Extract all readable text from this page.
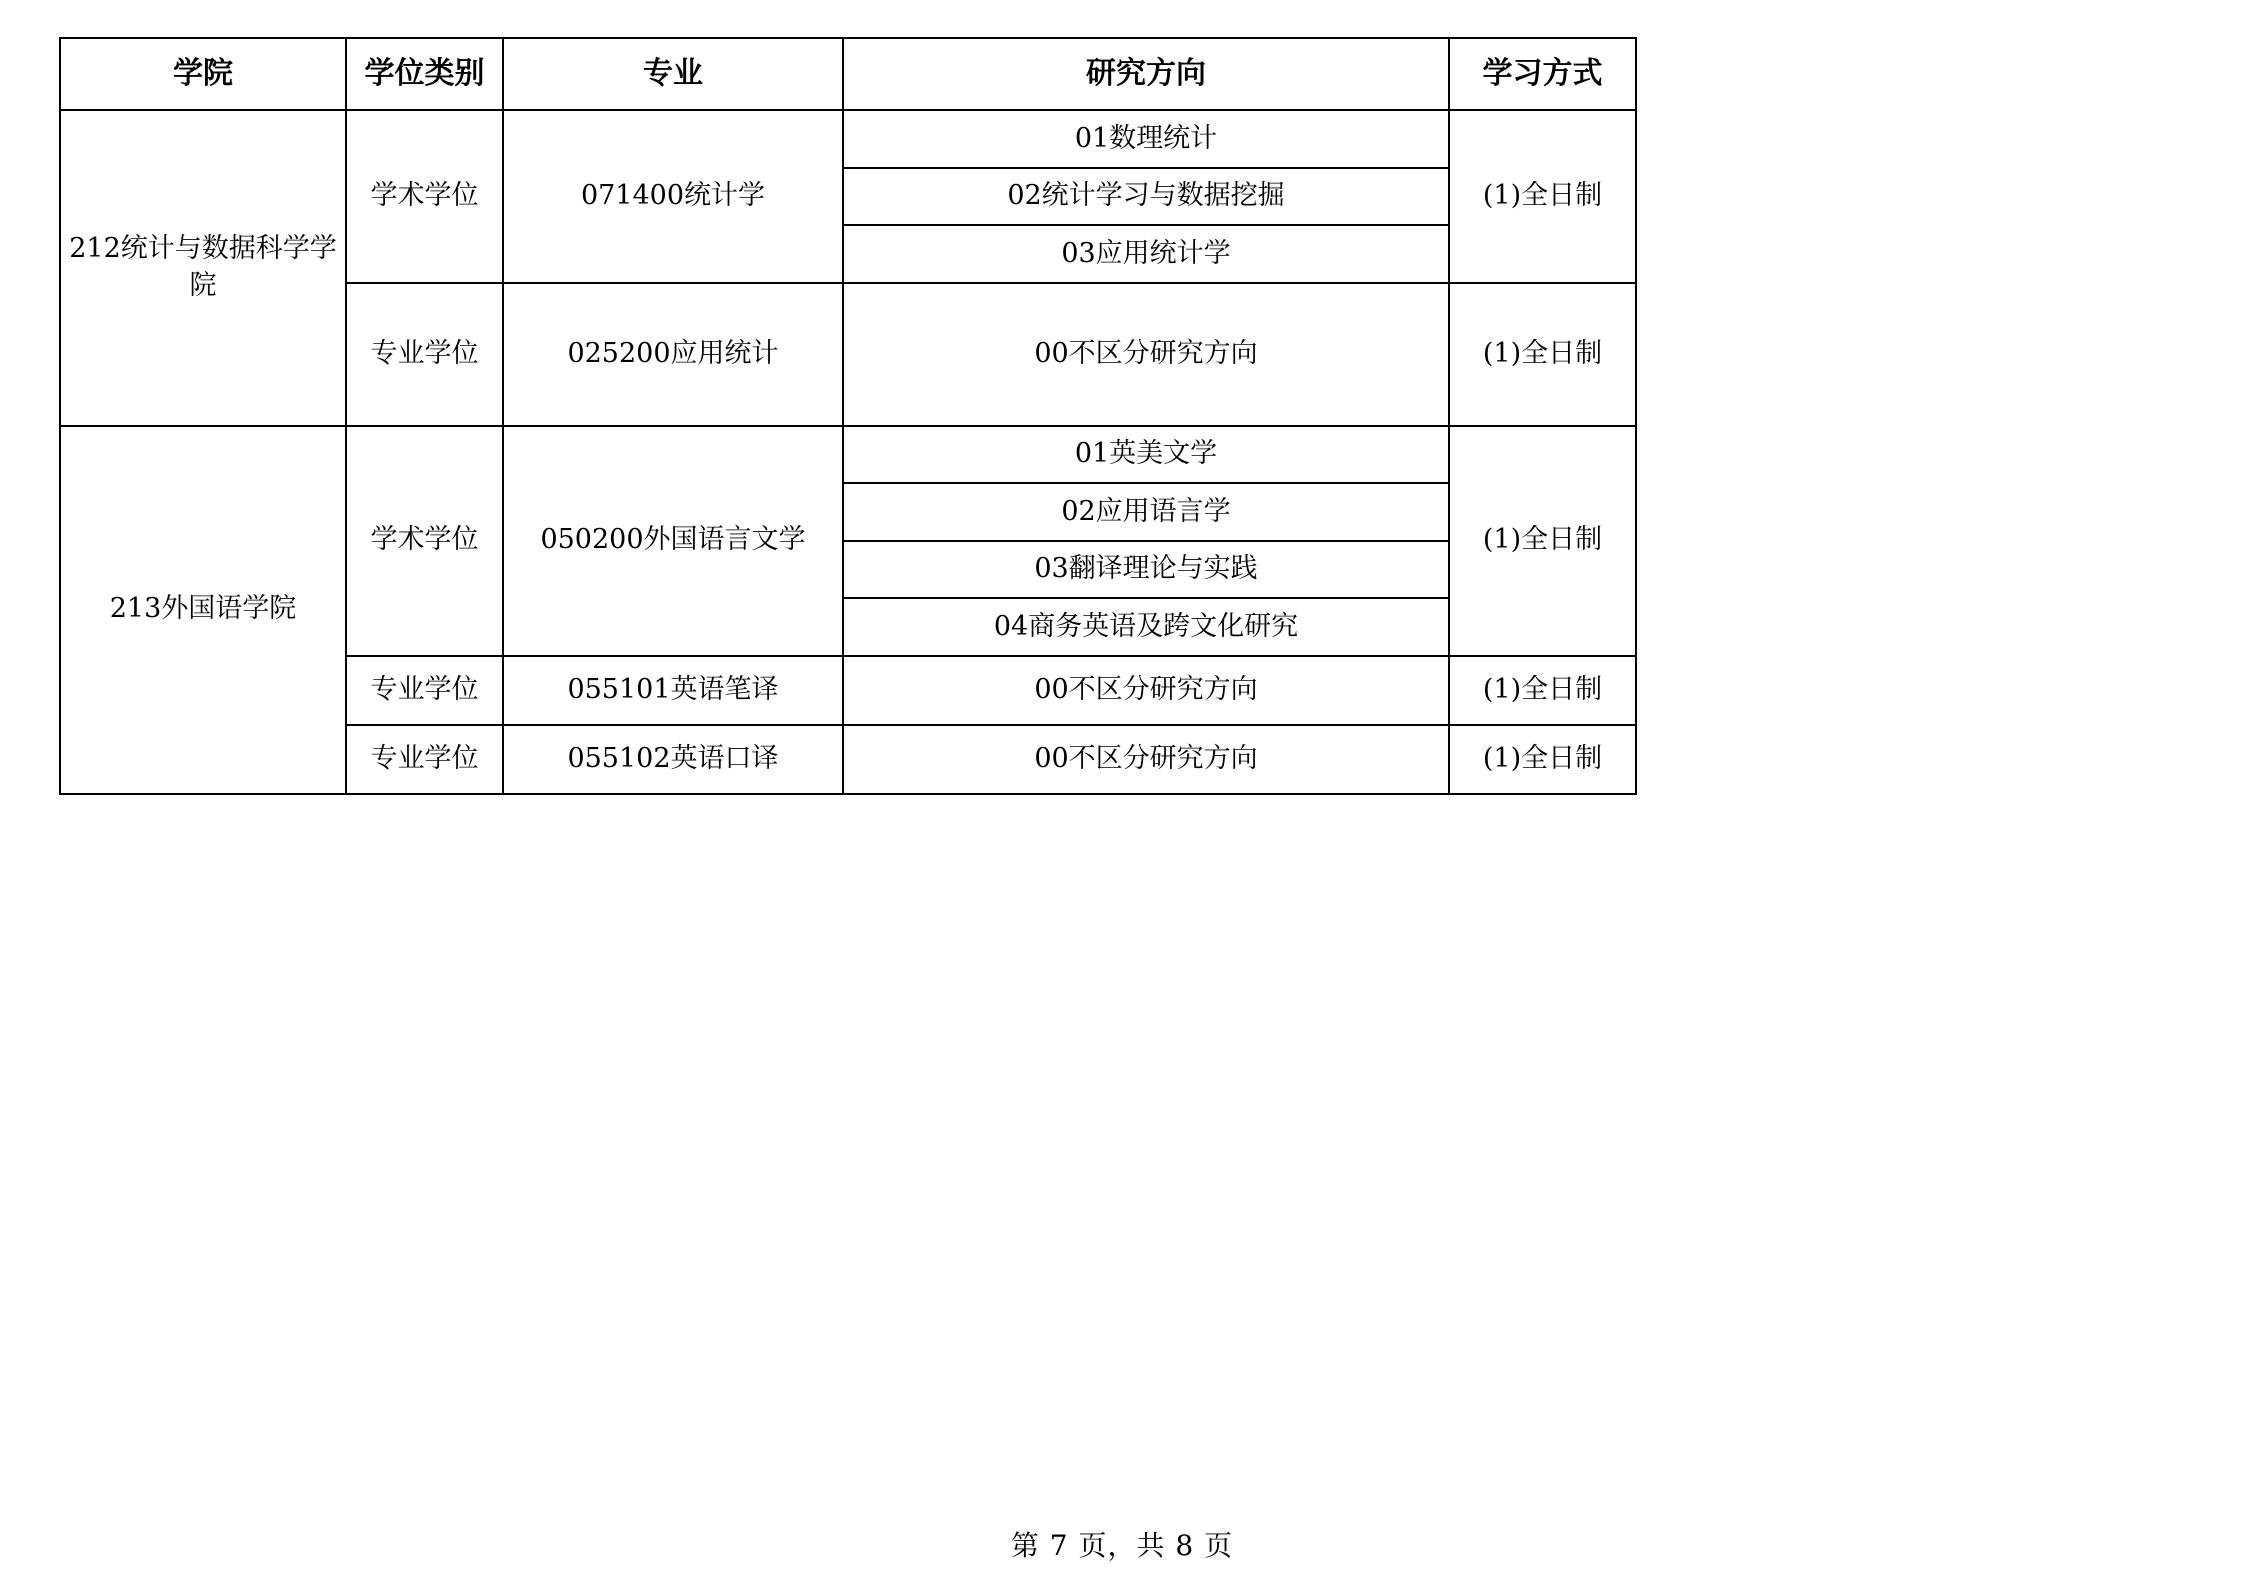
学院	学位类别	专业	研究方向	学习方式
212统计与数据科学学院	学术学位	071400统计学	01数理统计	(1)全日制
			02统计学习与数据挖掘	
			03应用统计学	
	专业学位	025200应用统计	00不区分研究方向	(1)全日制
213外国语学院	学术学位	050200外国语言文学	01英美文学	(1)全日制
			02应用语言学	
			03翻译理论与实践	
			04商务英语及跨文化研究	
	专业学位	055101英语笔译	00不区分研究方向	(1)全日制
	专业学位	055102英语口译	00不区分研究方向	(1)全日制
第 7 页，共 8 页
